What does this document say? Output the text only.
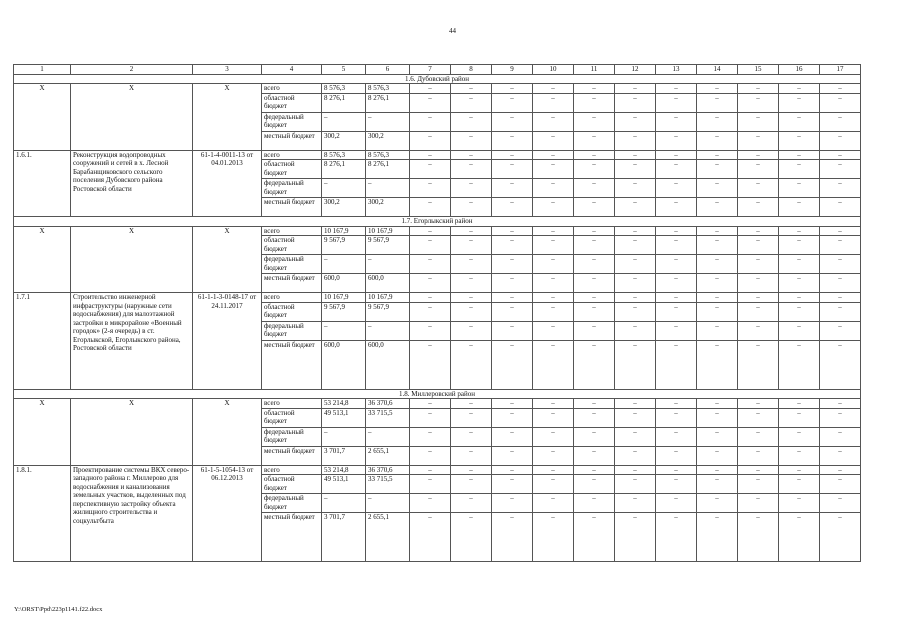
44
1	2	3	4	5	6	7	8	9	10	11	12	13	14	15	16	17
1.6. Дубовский район																
X	X	X	всего	8 576,3	8 576,3	–	–	–	–	–	–	–	–	–	–	–
			областной бюджет	8 276,1	8 276,1	–	–	–	–	–	–	–	–	–	–	–
			федеральный бюджет	–	–	–	–	–	–	–	–	–	–	–	–	–
			местный бюджет	300,2	300,2	–	–	–	–	–	–	–	–	–	–	–
1.6.1.	Реконструкция водопроводных сооружений и сетей в х. Лесной Барабанщиковского сельского поселения Дубовского района Ростовской области	61-1-4-0011-13 от 04.01.2013	всего	8 576,3	8 576,3	–	–	–	–	–	–	–	–	–	–	–
			областной бюджет	8 276,1	8 276,1	–	–	–	–	–	–	–	–	–	–	–
			федеральный бюджет	–	–	–	–	–	–	–	–	–	–	–	–	–
			местный бюджет	300,2	300,2	–	–	–	–	–	–	–	–	–	–	–
1.7. Егорлыкский район																
X	X	X	всего	10 167,9	10 167,9	–	–	–	–	–	–	–	–	–	–	–
			областной бюджет	9 567,9	9 567,9	–	–	–	–	–	–	–	–	–	–	–
			федеральный бюджет	–	–	–	–	–	–	–	–	–	–	–	–	–
			местный бюджет	600,0	600,0	–	–	–	–	–	–	–	–	–	–	–
1.7.1	Строительство инженерной инфраструктуры (наружные сети водоснабжения) для малоэтажной застройки в микрорайоне «Военный городок» (2-я очередь) в ст. Егорлыкской, Егорлыкского района, Ростовской области	61-1-1-3-0148-17 от 24.11.2017	всего	10 167,9	10 167,9	–	–	–	–	–	–	–	–	–	–	–
			областной бюджет	9 567,9	9 567,9	–	–	–	–	–	–	–	–	–	–	–
			федеральный бюджет	–	–	–	–	–	–	–	–	–	–	–	–	–
			местный бюджет	600,0	600,0	–	–	–	–	–	–	–	–	–	–	–
1.8. Миллеровский район																
X	X	X	всего	53 214,8	36 370,6	–	–	–	–	–	–	–	–	–	–	–
			областной бюджет	49 513,1	33 715,5	–	–	–	–	–	–	–	–	–	–	–
			федеральный бюджет	–	–	–	–	–	–	–	–	–	–	–	–	–
			местный бюджет	3 701,7	2 655,1	–	–	–	–	–	–	–	–	–	–	–
1.8.1.	Проектирование системы ВКХ северо-западного района г. Миллерово для водоснабжения и канализования земельных участков, выделенных под перспективную застройку объекта жилищного строительства и соцкультбыта	61-1-5-1054-13 от 06.12.2013	всего	53 214,8	36 370,6	–	–	–	–	–	–	–	–	–	–	–
			областной бюджет	49 513,1	33 715,5	–	–	–	–	–	–	–	–	–	–	–
			федеральный бюджет	–	–	–	–	–	–	–	–	–	–	–	–	–
			местный бюджет	3 701,7	2 655,1	–	–	–	–	–	–	–	–	–	–	–
Y:\ORST\Ppd\223p1141.f22.docx
